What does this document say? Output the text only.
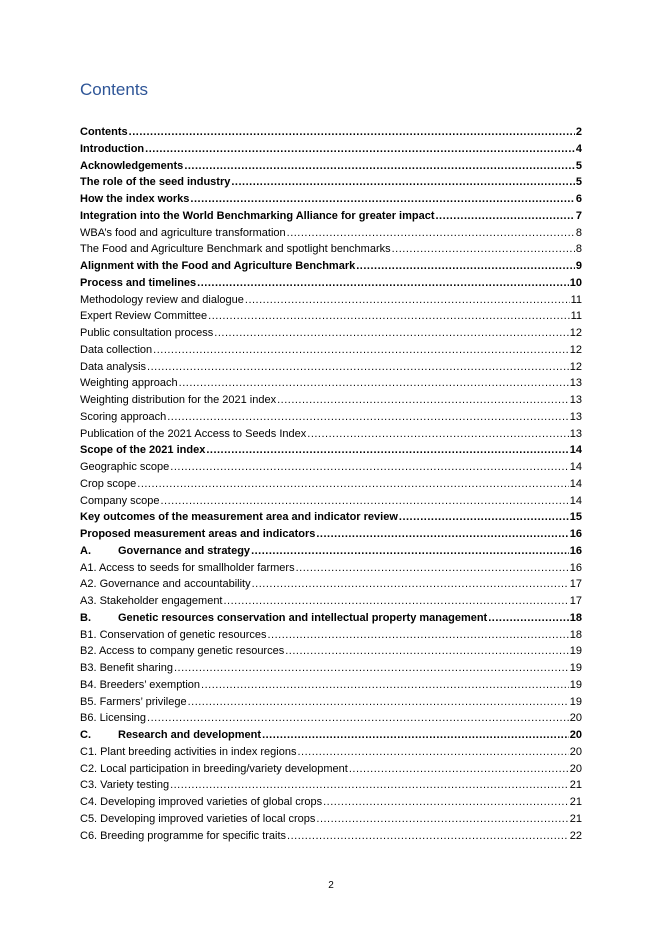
Contents
Contents .....	2
Introduction .....	4
Acknowledgements .....	5
The role of the seed industry .....	5
How the index works .....	6
Integration into the World Benchmarking Alliance for greater impact .....	7
WBA’s food and agriculture transformation .....	8
The Food and Agriculture Benchmark and spotlight benchmarks .....	8
Alignment with the Food and Agriculture Benchmark .....	9
Process and timelines .....	10
Methodology review and dialogue .....	11
Expert Review Committee .....	11
Public consultation process .....	12
Data collection .....	12
Data analysis .....	12
Weighting approach .....	13
Weighting distribution for the 2021 index .....	13
Scoring approach .....	13
Publication of the 2021 Access to Seeds Index .....	13
Scope of the 2021 index .....	14
Geographic scope .....	14
Crop scope .....	14
Company scope .....	14
Key outcomes of the measurement area and indicator review .....	15
Proposed measurement areas and indicators .....	16
A.	Governance and strategy .....	16
A1. Access to seeds for smallholder farmers .....	16
A2. Governance and accountability .....	17
A3. Stakeholder engagement .....	17
B.	Genetic resources conservation and intellectual property management .....	18
B1. Conservation of genetic resources .....	18
B2. Access to company genetic resources .....	19
B3. Benefit sharing .....	19
B4. Breeders’ exemption .....	19
B5. Farmers’ privilege .....	19
B6. Licensing .....	20
C.	Research and development .....	20
C1. Plant breeding activities in index regions .....	20
C2. Local participation in breeding/variety development .....	20
C3. Variety testing .....	21
C4. Developing improved varieties of global crops .....	21
C5. Developing improved varieties of local crops .....	21
C6. Breeding programme for specific traits .....	22
2
